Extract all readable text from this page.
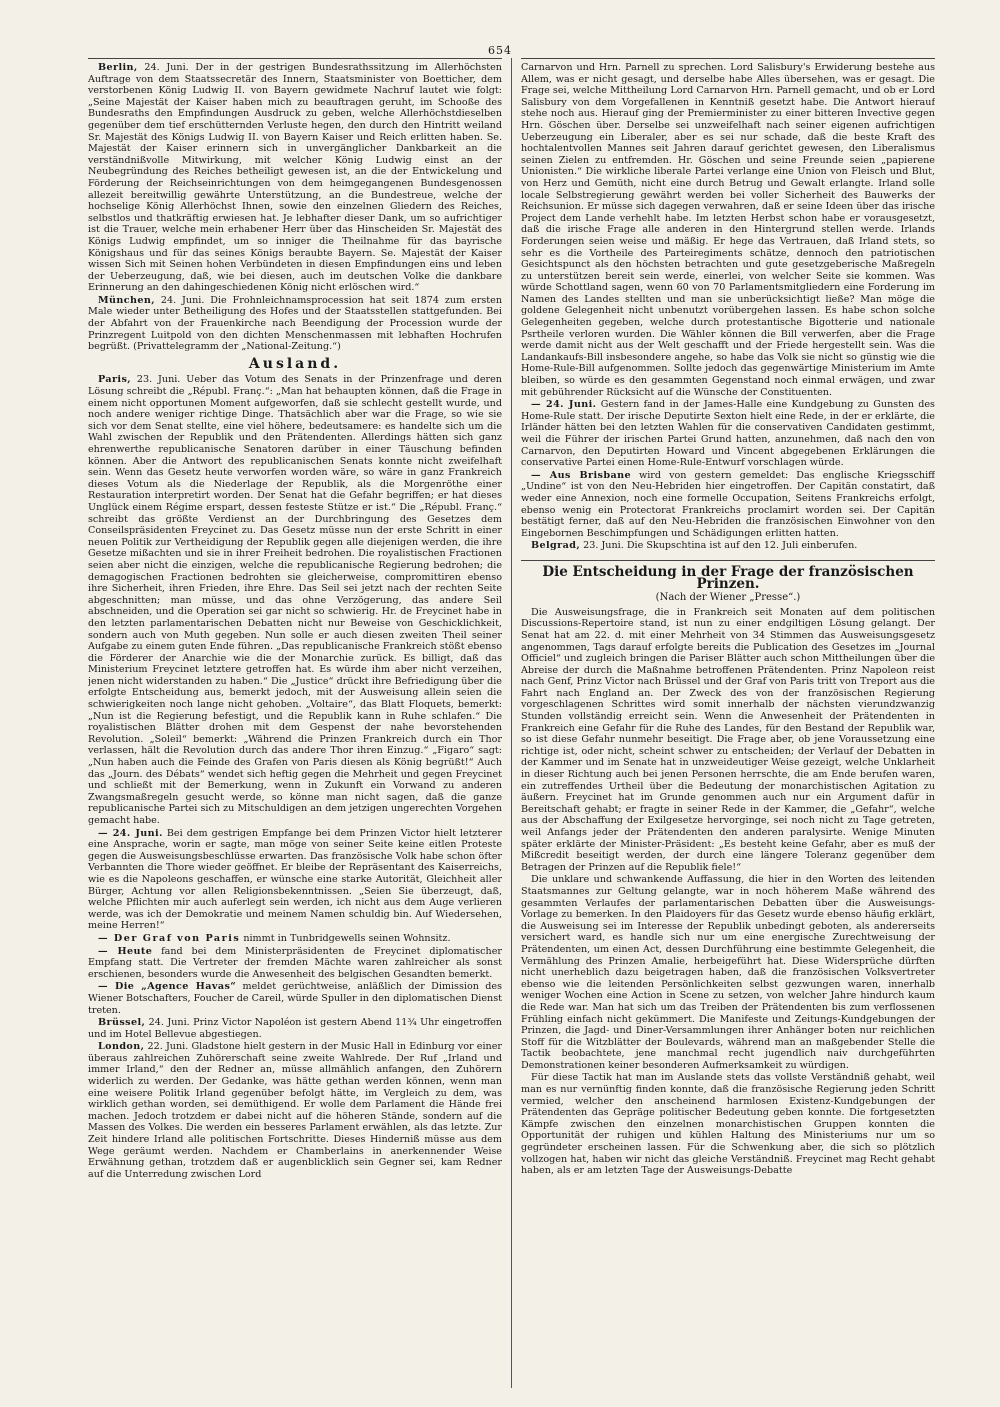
654

Berlin, 24. Juni. Der in der gestrigen Bundesrathssitzung im Allerhöchsten Auftrage von dem Staatssecretär des Innern, Staatsminister von Boetticher, dem verstorbenen König Ludwig II. von Bayern gewidmete Nachruf lautet wie folgt: „Seine Majestät der Kaiser haben mich zu beauftragen geruht, im Schooße des Bundesraths den Empfindungen Ausdruck zu geben, welche Allerhöchstdieselben gegenüber dem tief erschütternden Verluste hegen, den durch den Hintritt weiland Sr. Majestät des Königs Ludwig II. von Bayern Kaiser und Reich erlitten haben. Se. Majestät der Kaiser erinnern sich in unvergänglicher Dankbarkeit an die verständnißvolle Mitwirkung, mit welcher König Ludwig einst an der Neubegründung des Reiches betheiligt gewesen ist, an die der Entwickelung und Förderung der Reichseinrichtungen von dem heimgegangenen Bundesgenossen allezeit bereitwillig gewährte Unterstützung, an die Bundestreue, welche der hochselige König Allerhöchst Ihnen, sowie den einzelnen Gliedern des Reiches, selbstlos und thatkräftig erwiesen hat. Je lebhafter dieser Dank, um so aufrichtiger ist die Trauer, welche mein erhabener Herr über das Hinscheiden Sr. Majestät des Königs Ludwig empfindet, um so inniger die Theilnahme für das bayrische Königshaus und für das seines Königs beraubte Bayern. Se. Majestät der Kaiser wissen Sich mit Seinen hohen Verbündeten in diesen Empfindungen eins und leben der Ueberzeugung, daß, wie bei diesen, auch im deutschen Volke die dankbare Erinnerung an den dahingeschiedenen König nicht erlöschen wird.“

München, 24. Juni. Die Frohnleichnamsprocession hat seit 1874 zum ersten Male wieder unter Betheiligung des Hofes und der Staatsstellen stattgefunden. Bei der Abfahrt von der Frauenkirche nach Beendigung der Procession wurde der Prinzregent Luitpold von den dichten Menschenmassen mit lebhaften Hochrufen begrüßt. (Privattelegramm der „National-Zeitung.“)

Ausland.

Paris, 23. Juni. Ueber das Votum des Senats in der Prinzenfrage und deren Lösung schreibt die „Républ. Franç.“: „Man hat behaupten können, daß die Frage in einem nicht opportunen Moment aufgeworfen, daß sie schlecht gestellt wurde, und noch andere weniger richtige Dinge. Thatsächlich aber war die Frage, so wie sie sich vor dem Senat stellte, eine viel höhere, bedeutsamere: es handelte sich um die Wahl zwischen der Republik und den Prätendenten. Allerdings hätten sich ganz ehrenwerthe republicanische Senatoren darüber in einer Täuschung befinden können. Aber die Antwort des republicanischen Senats konnte nicht zweifelhaft sein. Wenn das Gesetz heute verworfen worden wäre, so wäre in ganz Frankreich dieses Votum als die Niederlage der Republik, als die Morgenröthe einer Restauration interpretirt worden. Der Senat hat die Gefahr begriffen; er hat dieses Unglück einem Régime erspart, dessen festeste Stütze er ist.“ Die „Républ. Franç.“ schreibt das größte Verdienst an der Durchbringung des Gesetzes dem Conseilspräsidenten Freycinet zu. Das Gesetz müsse nun der erste Schritt in einer neuen Politik zur Vertheidigung der Republik gegen alle diejenigen werden, die ihre Gesetze mißachten und sie in ihrer Freiheit bedrohen. Die royalistischen Fractionen seien aber nicht die einzigen, welche die republicanische Regierung bedrohen; die demagogischen Fractionen bedrohten sie gleicherweise, compromittiren ebenso ihre Sicherheit, ihren Frieden, ihre Ehre. Das Seil sei jetzt nach der rechten Seite abgeschnitten; man müsse, und das ohne Verzögerung, das andere Seil abschneiden, und die Operation sei gar nicht so schwierig. Hr. de Freycinet habe in den letzten parlamentarischen Debatten nicht nur Beweise von Geschicklichkeit, sondern auch von Muth gegeben. Nun solle er auch diesen zweiten Theil seiner Aufgabe zu einem guten Ende führen. „Das republicanische Frankreich stößt ebenso die Förderer der Anarchie wie die der Monarchie zurück. Es billigt, daß das Ministerium Freycinet letztere getroffen hat. Es würde ihm aber nicht verzeihen, jenen nicht widerstanden zu haben.“ Die „Justice“ drückt ihre Befriedigung über die erfolgte Entscheidung aus, bemerkt jedoch, mit der Ausweisung allein seien die schwierigkeiten noch lange nicht gehoben. „Voltaire“, das Blatt Floquets, bemerkt: „Nun ist die Regierung befestigt, und die Republik kann in Ruhe schlafen.“ Die royalistischen Blätter drohen mit dem Gespenst der nahe bevorstehenden Revolution. „Soleil“ bemerkt: „Während die Prinzen Frankreich durch ein Thor verlassen, hält die Revolution durch das andere Thor ihren Einzug.“ „Figaro“ sagt: „Nun haben auch die Feinde des Grafen von Paris diesen als König begrüßt!“ Auch das „Journ. des Débats“ wendet sich heftig gegen die Mehrheit und gegen Freycinet und schließt mit der Bemerkung, wenn in Zukunft ein Vorwand zu anderen Zwangsmaßregeln gesucht werde, so könne man nicht sagen, daß die ganze republicanische Partei sich zu Mitschuldigen an dem jetzigen ungerechten Vorgehen gemacht habe.

— 24. Juni. Bei dem gestrigen Empfange bei dem Prinzen Victor hielt letzterer eine Ansprache, worin er sagte, man möge von seiner Seite keine eitlen Proteste gegen die Ausweisungsbeschlüsse erwarten. Das französische Volk habe schon öfter Verbannten die Thore wieder geöffnet. Er bleibe der Repräsentant des Kaiserreichs, wie es die Napoleons geschaffen, er wünsche eine starke Autorität, Gleichheit aller Bürger, Achtung vor allen Religionsbekenntnissen. „Seien Sie überzeugt, daß, welche Pflichten mir auch auferlegt sein werden, ich nicht aus dem Auge verlieren werde, was ich der Demokratie und meinem Namen schuldig bin. Auf Wiedersehen, meine Herren!“

— Der Graf von Paris nimmt in Tunbridgewells seinen Wohnsitz.

— Heute fand bei dem Ministerpräsidenten de Freycinet diplomatischer Empfang statt. Die Vertreter der fremden Mächte waren zahlreicher als sonst erschienen, besonders wurde die Anwesenheit des belgischen Gesandten bemerkt.

— Die „Agence Havas“ meldet gerüchtweise, anläßlich der Dimission des Wiener Botschafters, Foucher de Careil, würde Spuller in den diplomatischen Dienst treten.

Brüssel, 24. Juni. Prinz Victor Napoléon ist gestern Abend 11¾ Uhr eingetroffen und im Hotel Bellevue abgestiegen.

London, 22. Juni. Gladstone hielt gestern in der Music Hall in Edinburg vor einer überaus zahlreichen Zuhörerschaft seine zweite Wahlrede. Der Ruf „Irland und immer Irland,“ den der Redner an, müsse allmählich anfangen, den Zuhörern widerlich zu werden. Der Gedanke, was hätte gethan werden können, wenn man eine weisere Politik Irland gegenüber befolgt hätte, im Vergleich zu dem, was wirklich gethan worden, sei demüthigend. Er wolle dem Parlament die Hände frei machen. Jedoch trotzdem er dabei nicht auf die höheren Stände, sondern auf die Massen des Volkes. Die werden ein besseres Parlament erwählen, als das letzte. Zur Zeit hindere Irland alle politischen Fortschritte. Dieses Hinderniß müsse aus dem Wege geräumt werden. Nachdem er Chamberlains in anerkennender Weise Erwähnung gethan, trotzdem daß er augenblicklich sein Gegner sei, kam Redner auf die Unterredung zwischen Lord

Carnarvon und Hrn. Parnell zu sprechen. Lord Salisbury's Erwiderung bestehe aus Allem, was er nicht gesagt, und derselbe habe Alles übersehen, was er gesagt. Die Frage sei, welche Mittheilung Lord Carnarvon Hrn. Parnell gemacht, und ob er Lord Salisbury von dem Vorgefallenen in Kenntniß gesetzt habe. Die Antwort hierauf stehe noch aus. Hierauf ging der Premierminister zu einer bitteren Invective gegen Hrn. Göschen über. Derselbe sei unzweifelhaft nach seiner eigenen aufrichtigen Ueberzeugung ein Liberaler, aber es sei nur schade, daß die beste Kraft des hochtalentvollen Mannes seit Jahren darauf gerichtet gewesen, den Liberalismus seinen Zielen zu entfremden. Hr. Göschen und seine Freunde seien „papierene Unionisten.“ Die wirkliche liberale Partei verlange eine Union von Fleisch und Blut, von Herz und Gemüth, nicht eine durch Betrug und Gewalt erlangte. Irland solle locale Selbstregierung gewährt werden bei voller Sicherheit des Bauwerks der Reichsunion. Er müsse sich dagegen verwahren, daß er seine Ideen über das irische Project dem Lande verhehlt habe. Im letzten Herbst schon habe er vorausgesetzt, daß die irische Frage alle anderen in den Hintergrund stellen werde. Irlands Forderungen seien weise und mäßig. Er hege das Vertrauen, daß Irland stets, so sehr es die Vortheile des Parteiregiments schätze, dennoch den patriotischen Gesichtspunct als den höchsten betrachten und gute gesetzgeberische Maßregeln zu unterstützen bereit sein werde, einerlei, von welcher Seite sie kommen. Was würde Schottland sagen, wenn 60 von 70 Parlamentsmitgliedern eine Forderung im Namen des Landes stellten und man sie unberücksichtigt ließe? Man möge die goldene Gelegenheit nicht unbenutzt vorübergehen lassen. Es habe schon solche Gelegenheiten gegeben, welche durch protestantische Bigotterie und nationale Psrtheile verloren wurden. Die Wähler können die Bill verwerfen, aber die Frage werde damit nicht aus der Welt geschafft und der Friede hergestellt sein. Was die Landankaufs-Bill insbesondere angehe, so habe das Volk sie nicht so günstig wie die Home-Rule-Bill aufgenommen. Sollte jedoch das gegenwärtige Ministerium im Amte bleiben, so würde es den gesammten Gegenstand noch einmal erwägen, und zwar mit gebührender Rücksicht auf die Wünsche der Constituenten.

— 24. Juni. Gestern fand in der James-Halle eine Kundgebung zu Gunsten des Home-Rule statt. Der irische Deputirte Sexton hielt eine Rede, in der er erklärte, die Irländer hätten bei den letzten Wahlen für die conservativen Candidaten gestimmt, weil die Führer der irischen Partei Grund hatten, anzunehmen, daß nach den von Carnarvon, den Deputirten Howard und Vincent abgegebenen Erklärungen die conservative Partei einen Home-Rule-Entwurf vorschlagen würde.

— Aus Brisbane wird von gestern gemeldet: Das englische Kriegsschiff „Undine“ ist von den Neu-Hebriden hier eingetroffen. Der Capitän constatirt, daß weder eine Annexion, noch eine formelle Occupation, Seitens Frankreichs erfolgt, ebenso wenig ein Protectorat Frankreichs proclamirt worden sei. Der Capitän bestätigt ferner, daß auf den Neu-Hebriden die französischen Einwohner von den Eingebornen Beschimpfungen und Schädigungen erlitten hatten.

Belgrad, 23. Juni. Die Skupschtina ist auf den 12. Juli einberufen.

Die Entscheidung in der Frage der französischen Prinzen.
(Nach der Wiener „Presse“.)

Die Ausweisungsfrage, die in Frankreich seit Monaten auf dem politischen Discussions-Repertoire stand, ist nun zu einer endgiltigen Lösung gelangt. Der Senat hat am 22. d. mit einer Mehrheit von 34 Stimmen das Ausweisungsgesetz angenommen, Tags darauf erfolgte bereits die Publication des Gesetzes im „Journal Officiel“ und zugleich bringen die Pariser Blätter auch schon Mittheilungen über die Abreise der durch die Maßnahme betroffenen Prätendenten. Prinz Napoleon reist nach Genf, Prinz Victor nach Brüssel und der Graf von Paris tritt von Treport aus die Fahrt nach England an. Der Zweck des von der französischen Regierung vorgeschlagenen Schrittes wird somit innerhalb der nächsten vierundzwanzig Stunden vollständig erreicht sein. Wenn die Anwesenheit der Prätendenten in Frankreich eine Gefahr für die Ruhe des Landes, für den Bestand der Republik war, so ist diese Gefahr nunmehr beseitigt. Die Frage aber, ob jene Voraussetzung eine richtige ist, oder nicht, scheint schwer zu entscheiden; der Verlauf der Debatten in der Kammer und im Senate hat in unzweideutiger Weise gezeigt, welche Unklarheit in dieser Richtung auch bei jenen Personen herrschte, die am Ende berufen waren, ein zutreffendes Urtheil über die Bedeutung der monarchistischen Agitation zu äußern. Freycinet hat im Grunde genommen auch nur ein Argument dafür in Bereitschaft gehabt; er fragte in seiner Rede in der Kammer, die „Gefahr“, welche aus der Abschaffung der Exilgesetze hervorginge, sei noch nicht zu Tage getreten, weil Anfangs jeder der Prätendenten den anderen paralysirte. Wenige Minuten später erklärte der Minister-Präsident: „Es besteht keine Gefahr, aber es muß der Mißcredit beseitigt werden, der durch eine längere Toleranz gegenüber dem Betragen der Prinzen auf die Republik fiele!“

Die unklare und schwankende Auffassung, die hier in den Worten des leitenden Staatsmannes zur Geltung gelangte, war in noch höherem Maße während des gesammten Verlaufes der parlamentarischen Debatten über die Ausweisungs-Vorlage zu bemerken. In den Plaidoyers für das Gesetz wurde ebenso häufig erklärt, die Ausweisung sei im Interesse der Republik unbedingt geboten, als andererseits versichert ward, es handle sich nur um eine energische Zurechtweisung der Prätendenten, um einen Act, dessen Durchführung eine bestimmte Gelegenheit, die Vermählung des Prinzen Amalie, herbeigeführt hat. Diese Widersprüche dürften nicht unerheblich dazu beigetragen haben, daß die französischen Volksvertreter ebenso wie die leitenden Persönlichkeiten selbst gezwungen waren, innerhalb weniger Wochen eine Action in Scene zu setzen, von welcher Jahre hindurch kaum die Rede war. Man hat sich um das Treiben der Prätendenten bis zum verflossenen Frühling einfach nicht gekümmert. Die Manifeste und Zeitungs-Kundgebungen der Prinzen, die Jagd- und Diner-Versammlungen ihrer Anhänger boten nur reichlichen Stoff für die Witzblätter der Boulevards, während man an maßgebender Stelle die Tactik beobachtete, jene manchmal recht jugendlich naiv durchgeführten Demonstrationen keiner besonderen Aufmerksamkeit zu würdigen.

Für diese Tactik hat man im Auslande stets das vollste Verständniß gehabt, weil man es nur vernünftig finden konnte, daß die französische Regierung jeden Schritt vermied, welcher den anscheinend harmlosen Existenz-Kundgebungen der Prätendenten das Gepräge politischer Bedeutung geben konnte. Die fortgesetzten Kämpfe zwischen den einzelnen monarchistischen Gruppen konnten die Opportunität der ruhigen und kühlen Haltung des Ministeriums nur um so gegründeter erscheinen lassen. Für die Schwenkung aber, die sich so plötzlich vollzogen hat, haben wir nicht das gleiche Verständniß. Freycinet mag Recht gehabt haben, als er am letzten Tage der Ausweisungs-Debatte
